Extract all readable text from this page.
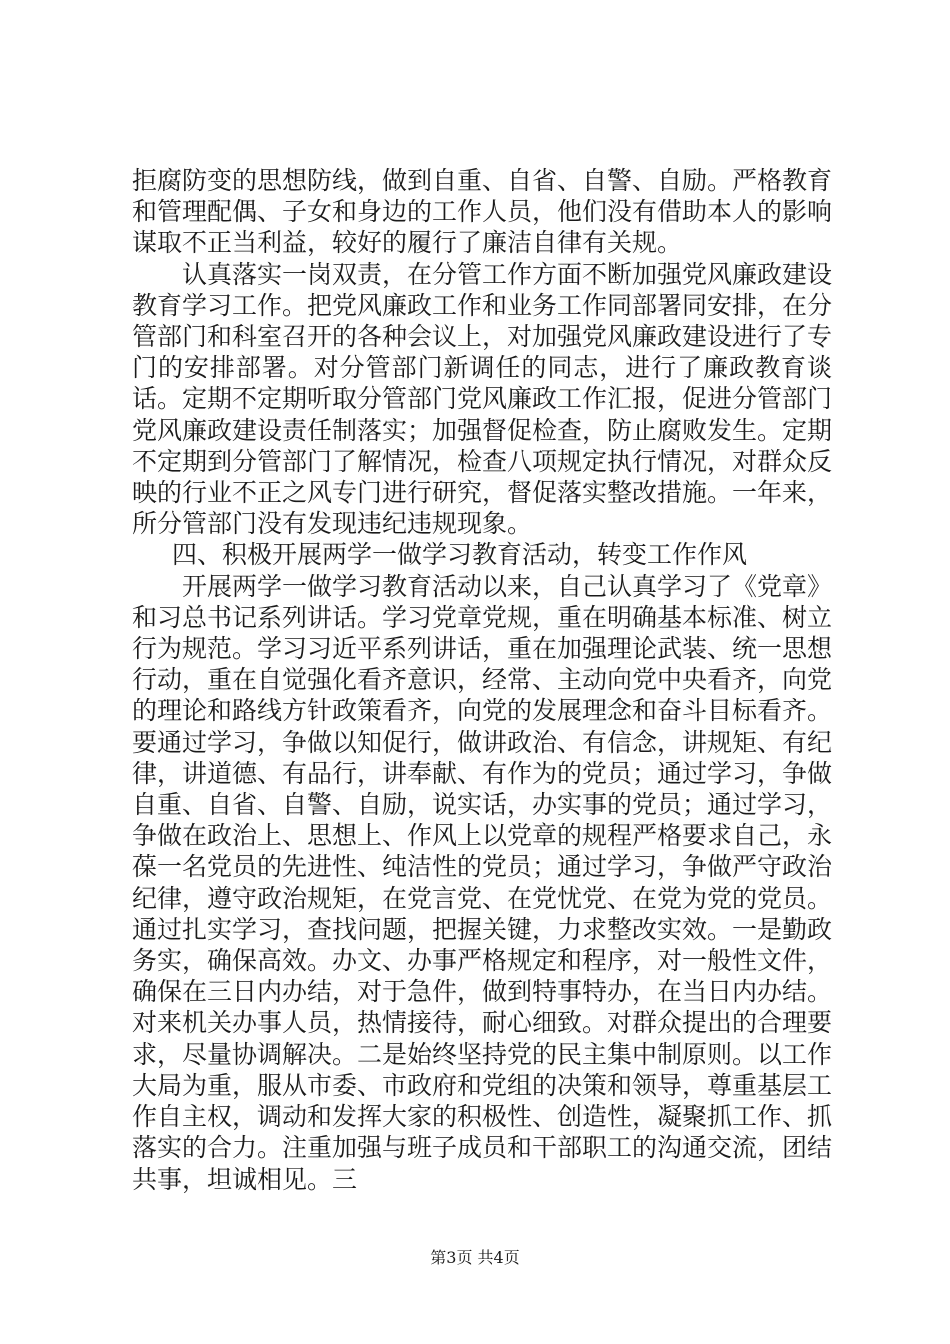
拒腐防变的思想防线，做到自重、自省、自警、自励。严格教育和管理配偶、子女和身边的工作人员，他们没有借助本人的影响谋取不正当利益，较好的履行了廉洁自律有关规。

认真落实一岗双责，在分管工作方面不断加强党风廉政建设教育学习工作。把党风廉政工作和业务工作同部署同安排，在分管部门和科室召开的各种会议上，对加强党风廉政建设进行了专门的安排部署。对分管部门新调任的同志，进行了廉政教育谈话。定期不定期听取分管部门党风廉政工作汇报，促进分管部门党风廉政建设责任制落实；加强督促检查，防止腐败发生。定期不定期到分管部门了解情况，检查八项规定执行情况，对群众反映的行业不正之风专门进行研究，督促落实整改措施。一年来，所分管部门没有发现违纪违规现象。

四、积极开展两学一做学习教育活动，转变工作作风

开展两学一做学习教育活动以来，自己认真学习了《党章》和习总书记系列讲话。学习党章党规，重在明确基本标准、树立行为规范。学习习近平系列讲话，重在加强理论武装、统一思想行动，重在自觉强化看齐意识，经常、主动向党中央看齐，向党的理论和路线方针政策看齐，向党的发展理念和奋斗目标看齐。要通过学习，争做以知促行，做讲政治、有信念，讲规矩、有纪律，讲道德、有品行，讲奉献、有作为的党员；通过学习，争做自重、自省、自警、自励，说实话，办实事的党员；通过学习，争做在政治上、思想上、作风上以党章的规程严格要求自己，永葆一名党员的先进性、纯洁性的党员；通过学习，争做严守政治纪律，遵守政治规矩，在党言党、在党忧党、在党为党的党员。通过扎实学习，查找问题，把握关键，力求整改实效。一是勤政务实，确保高效。办文、办事严格规定和程序，对一般性文件，确保在三日内办结，对于急件，做到特事特办，在当日内办结。对来机关办事人员，热情接待，耐心细致。对群众提出的合理要求，尽量协调解决。二是始终坚持党的民主集中制原则。以工作大局为重，服从市委、市政府和党组的决策和领导，尊重基层工作自主权，调动和发挥大家的积极性、创造性，凝聚抓工作、抓落实的合力。注重加强与班子成员和干部职工的沟通交流，团结共事，坦诚相见。三

第3页 共4页
